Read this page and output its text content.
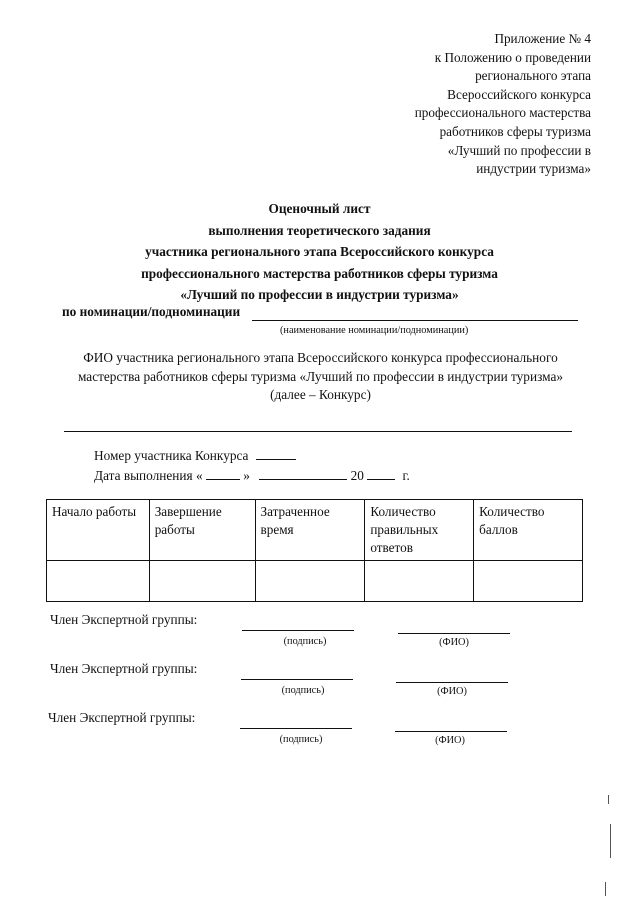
Приложение № 4
к Положению о проведении
регионального этапа
Всероссийского конкурса
профессионального мастерства
работников сферы туризма
«Лучший по профессии в
индустрии туризма»
Оценочный лист
выполнения теоретического задания
участника регионального этапа Всероссийского конкурса
профессионального мастерства работников сферы туризма
«Лучший по профессии в индустрии туризма»
по номинации/подноминации
(наименование номинации/подноминации)
ФИО участника регионального этапа Всероссийского конкурса профессионального
мастерства работников сферы туризма «Лучший по профессии в индустрии туризма»
(далее – Конкурс)
Номер участника Конкурса
Дата выполнения «	»	20	г.
Начало работы	Завершение работы	Затраченное время	Количество правильных ответов	Количество баллов

Член Экспертной группы:
(подпись)	(ФИО)
Член Экспертной группы:
(подпись)	(ФИО)
Член Экспертной группы:
(подпись)	(ФИО)
